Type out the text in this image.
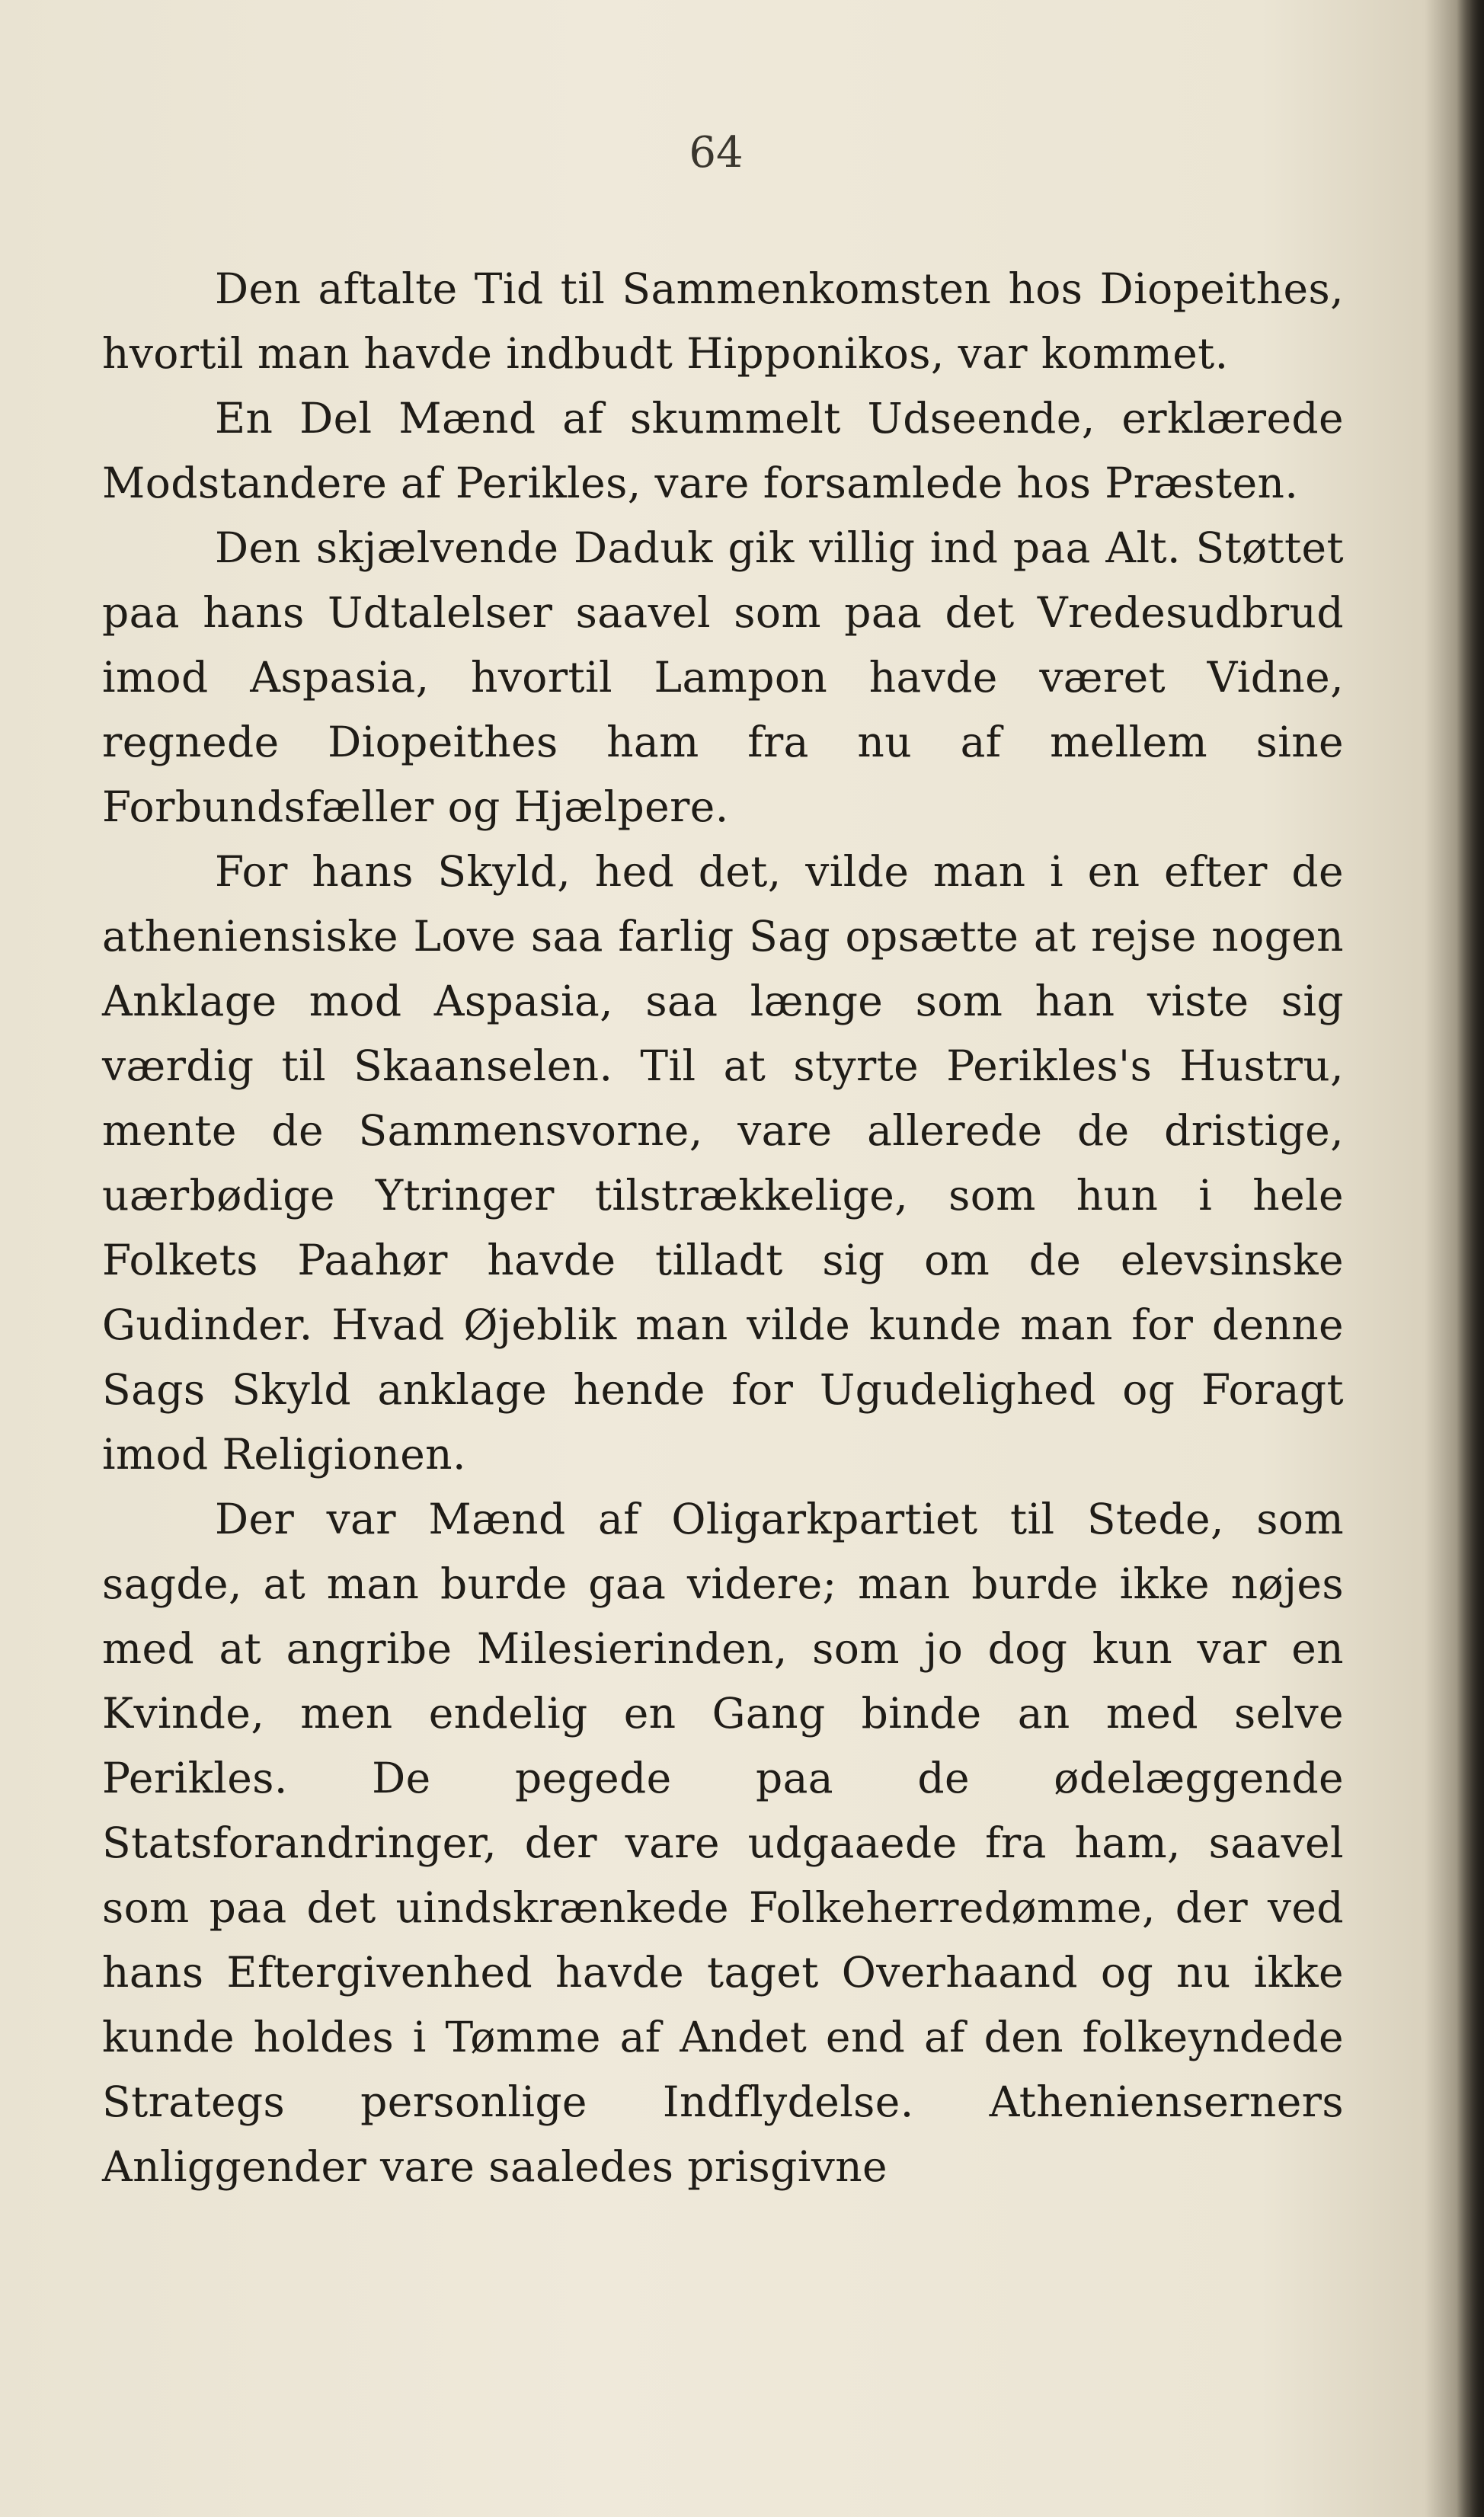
64

Den aftalte Tid til Sammenkomsten hos Diopeithes, hvortil man havde indbudt Hipponikos, var kommet.

En Del Mænd af skummelt Udseende, erklærede Modstandere af Perikles, vare forsamlede hos Præsten.

Den skjælvende Daduk gik villig ind paa Alt. Støttet paa hans Udtalelser saavel som paa det Vredesudbrud imod Aspasia, hvortil Lampon havde været Vidne, regnede Diopeithes ham fra nu af mellem sine Forbundsfæller og Hjælpere.

For hans Skyld, hed det, vilde man i en efter de atheniensiske Love saa farlig Sag opsætte at rejse nogen Anklage mod Aspasia, saa længe som han viste sig værdig til Skaanselen. Til at styrte Perikles's Hustru, mente de Sammensvorne, vare allerede de dristige, uærbødige Ytringer tilstrækkelige, som hun i hele Folkets Paahør havde tilladt sig om de elevsinske Gudinder. Hvad Øjeblik man vilde kunde man for denne Sags Skyld anklage hende for Ugudelighed og Foragt imod Religionen.

Der var Mænd af Oligarkpartiet til Stede, som sagde, at man burde gaa videre; man burde ikke nøjes med at angribe Milesierinden, som jo dog kun var en Kvinde, men endelig en Gang binde an med selve Perikles. De pegede paa de ødelæggende Statsforandringer, der vare udgaaede fra ham, saavel som paa det uindskrænkede Folkeherredømme, der ved hans Eftergivenhed havde taget Overhaand og nu ikke kunde holdes i Tømme af Andet end af den folkeyndede Strategs personlige Indflydelse. Athenienserners Anliggender vare saaledes prisgivne
